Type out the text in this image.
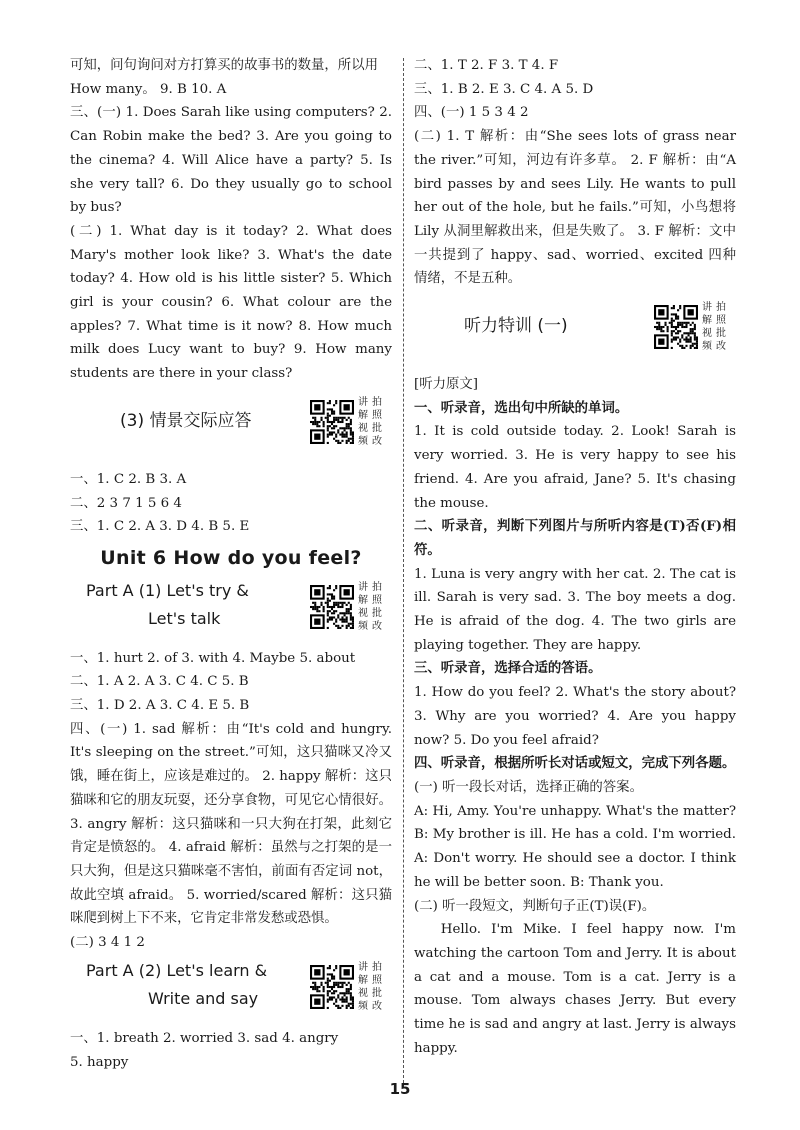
可知，问句询问对方打算买的故事书的数量，所以用
How many。 9. B 10. A
三、(一) 1. Does Sarah like using computers? 2. Can Robin make the bed? 3. Are you going to the cinema? 4. Will Alice have a party? 5. Is she very tall? 6. Do they usually go to school by bus?
(二) 1. What day is it today? 2. What does Mary's mother look like? 3. What's the date today? 4. How old is his little sister? 5. Which girl is your cousin? 6. What colour are the apples? 7. What time is it now? 8. How much milk does Lucy want to buy? 9. How many students are there in your class?
(3) 情景交际应答
讲 拍
解 照
视 批
频 改
一、1. C 2. B 3. A
二、2 3 7 1 5 6 4
三、1. C 2. A 3. D 4. B 5. E
Unit 6 How do you feel?
Part A (1) Let's try &
Let's talk
讲 拍
解 照
视 批
频 改
一、1. hurt 2. of 3. with 4. Maybe 5. about
二、1. A 2. A 3. C 4. C 5. B
三、1. D 2. A 3. C 4. E 5. B
四、(一) 1. sad 解析：由“It's cold and hungry. It's sleeping on the street.”可知，这只猫咪又冷又饿，睡在街上，应该是难过的。 2. happy 解析：这只猫咪和它的朋友玩耍，还分享食物，可见它心情很好。 3. angry 解析：这只猫咪和一只大狗在打架，此刻它肯定是愤怒的。 4. afraid 解析：虽然与之打架的是一只大狗，但是这只猫咪毫不害怕，前面有否定词 not，故此空填 afraid。 5. worried/scared 解析：这只猫咪爬到树上下不来，它肯定非常发愁或恐惧。
(二) 3 4 1 2
Part A (2) Let's learn &
Write and say
讲 拍
解 照
视 批
频 改
一、1. breath 2. worried 3. sad 4. angry
5. happy
二、1. T 2. F 3. T 4. F
三、1. B 2. E 3. C 4. A 5. D
四、(一) 1 5 3 4 2
(二) 1. T 解析：由“She sees lots of grass near the river.”可知，河边有许多草。 2. F 解析：由“A bird passes by and sees Lily. He wants to pull her out of the hole, but he fails.”可知，小鸟想将 Lily 从洞里解救出来，但是失败了。 3. F 解析：文中一共提到了 happy、sad、worried、excited 四种情绪，不是五种。
听力特训 (一)
讲 拍
解 照
视 批
频 改
[听力原文]
一、听录音，选出句中所缺的单词。
1. It is cold outside today. 2. Look! Sarah is very worried. 3. He is very happy to see his friend. 4. Are you afraid, Jane? 5. It's chasing the mouse.
二、听录音，判断下列图片与所听内容是(T)否(F)相符。
1. Luna is very angry with her cat. 2. The cat is ill. Sarah is very sad. 3. The boy meets a dog. He is afraid of the dog. 4. The two girls are playing together. They are happy.
三、听录音，选择合适的答语。
1. How do you feel? 2. What's the story about? 3. Why are you worried? 4. Are you happy now? 5. Do you feel afraid?
四、听录音，根据所听长对话或短文，完成下列各题。
(一) 听一段长对话，选择正确的答案。
A: Hi, Amy. You're unhappy. What's the matter? B: My brother is ill. He has a cold. I'm worried. A: Don't worry. He should see a doctor. I think he will be better soon. B: Thank you.
(二) 听一段短文，判断句子正(T)误(F)。
Hello. I'm Mike. I feel happy now. I'm watching the cartoon Tom and Jerry. It is about a cat and a mouse. Tom is a cat. Jerry is a mouse. Tom always chases Jerry. But every time he is sad and angry at last. Jerry is always happy.
15
